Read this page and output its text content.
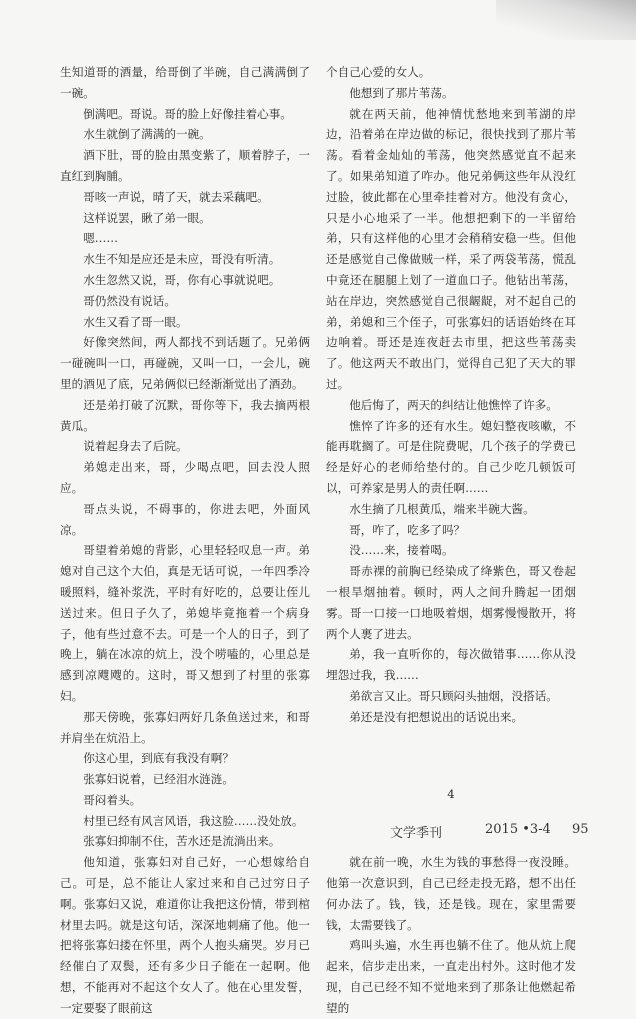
生知道哥的酒量，给哥倒了半碗，自己满满倒了一碗。

倒满吧。哥说。哥的脸上好像挂着心事。

水生就倒了满满的一碗。

酒下肚，哥的脸由黑变紫了，顺着脖子，一直红到胸脯。

哥咳一声说，晴了天，就去采藕吧。

这样说罢，瞅了弟一眼。

嗯……

水生不知是应还是未应，哥没有听清。

水生忽然又说，哥，你有心事就说吧。

哥仍然没有说话。

水生又看了哥一眼。

好像突然间，两人都找不到话题了。兄弟俩一碰碗叫一口，再碰碗，又叫一口，一会儿，碗里的酒见了底，兄弟俩似已经渐渐觉出了酒劲。

还是弟打破了沉默，哥你等下，我去摘两根黄瓜。

说着起身去了后院。

弟媳走出来，哥，少喝点吧，回去没人照应。

哥点头说，不碍事的，你进去吧，外面风凉。

哥望着弟媳的背影，心里轻轻叹息一声。弟媳对自己这个大伯，真是无话可说，一年四季冷暖照料，缝补浆洗，平时有好吃的，总要让侄儿送过来。但日子久了，弟媳毕竟拖着一个病身子，他有些过意不去。可是一个人的日子，到了晚上，躺在冰凉的炕上，没个唠嗑的，心里总是感到凉飕飕的。这时，哥又想到了村里的张寡妇。

那天傍晚，张寡妇两好几条鱼送过来，和哥并肩坐在炕沿上。

你这心里，到底有我没有啊？

张寡妇说着，已经泪水涟涟。

哥闷着头。

村里已经有风言风语，我这脸……没处放。

张寡妇抑制不住，苦水还是流淌出来。

他知道，张寡妇对自己好，一心想嫁给自己。可是，总不能让人家过来和自己过穷日子啊。张寡妇又说，难道你让我把这份情，带到棺材里去吗。就是这句话，深深地刺痛了他。他一把将张寡妇搂在怀里，两个人抱头痛哭。岁月已经催白了双鬓，还有多少日子能在一起啊。他想，不能再对不起这个女人了。他在心里发誓，一定要娶了眼前这

个自己心爱的女人。

他想到了那片苇荡。

就在两天前，他神情忧愁地来到苇湖的岸边，沿着弟在岸边做的标记，很快找到了那片苇荡。看着金灿灿的苇荡，他突然感觉直不起来了。如果弟知道了咋办。他兄弟俩这些年从没红过脸，彼此都在心里牵挂着对方。他没有贪心，只是小心地采了一半。他想把剩下的一半留给弟，只有这样他的心里才会稍稍安稳一些。但他还是感觉自己像做贼一样，采了两袋苇荡，慌乱中竟还在腿腿上划了一道血口子。他钻出苇荡，站在岸边，突然感觉自己很龌龊，对不起自己的弟，弟媳和三个侄子，可张寡妇的话语始终在耳边响着。哥还是连夜赶去市里，把这些苇荡卖了。他这两天不敢出门，觉得自己犯了天大的罪过。

他后悔了，两天的纠结让他憔悴了许多。

憔悴了许多的还有水生。媳妇整夜咳嗽，不能再耽搁了。可是住院费呢，几个孩子的学费已经是好心的老师给垫付的。自己少吃几顿饭可以，可养家是男人的责任啊……

水生摘了几根黄瓜，端来半碗大酱。

哥，咋了，吃多了吗？

没……来，接着喝。

哥赤裸的前胸已经染成了绛紫色，哥又卷起一根旱烟抽着。顿时，两人之间升腾起一团烟雾。哥一口接一口地吸着烟，烟雾慢慢散开，将两个人裹了进去。

弟，我一直听你的，每次做错事……你从没埋怨过我，我……

弟欲言又止。哥只顾闷头抽烟，没搭话。

弟还是没有把想说出的话说出来。

4

就在前一晚，水生为钱的事愁得一夜没睡。他第一次意识到，自己已经走投无路，想不出任何办法了。钱，钱，还是钱。现在，家里需要钱，太需要钱了。

鸡叫头遍，水生再也躺不住了。他从炕上爬起来，信步走出来，一直走出村外。这时他才发现，自己已经不知不觉地来到了那条让他燃起希望的

文学季刊	2015 •3-4 95
